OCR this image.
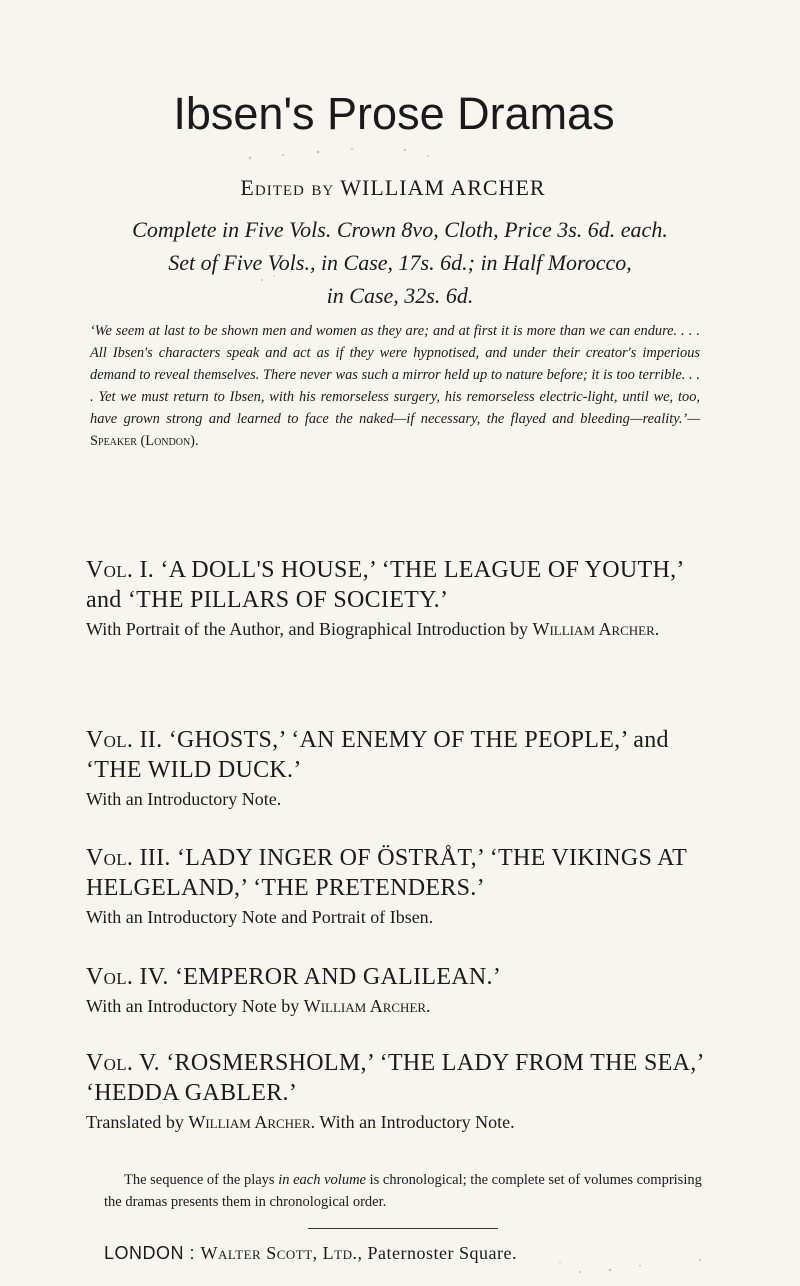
Ibsen's Prose Dramas
Edited by WILLIAM ARCHER
Complete in Five Vols. Crown 8vo, Cloth, Price 3s. 6d. each.
Set of Five Vols., in Case, 17s. 6d.; in Half Morocco,
in Case, 32s. 6d.
‘We seem at last to be shown men and women as they are; and at first it is more than we can endure. . . . All Ibsen's characters speak and act as if they were hypnotised, and under their creator's imperious demand to reveal themselves. There never was such a mirror held up to nature before; it is too terrible. . . . Yet we must return to Ibsen, with his remorseless surgery, his remorseless electric-light, until we, too, have grown strong and learned to face the naked—if necessary, the flayed and bleeding—reality.’—Speaker (London).
Vol. I. ‘A DOLL'S HOUSE,’ ‘THE LEAGUE OF YOUTH,’ and ‘THE PILLARS OF SOCIETY.’
With Portrait of the Author, and Biographical Introduction by William Archer.
Vol. II. ‘GHOSTS,’ ‘AN ENEMY OF THE PEOPLE,’ and ‘THE WILD DUCK.’
With an Introductory Note.
Vol. III. ‘LADY INGER OF ÖSTRÅT,’ ‘THE VIKINGS AT HELGELAND,’ ‘THE PRETENDERS.’
With an Introductory Note and Portrait of Ibsen.
Vol. IV. ‘EMPEROR AND GALILEAN.’
With an Introductory Note by William Archer.
Vol. V. ‘ROSMERSHOLM,’ ‘THE LADY FROM THE SEA,’ ‘HEDDA GABLER.’
Translated by William Archer. With an Introductory Note.
The sequence of the plays in each volume is chronological; the complete set of volumes comprising the dramas presents them in chronological order.
LONDON : Walter Scott, Ltd., Paternoster Square.
